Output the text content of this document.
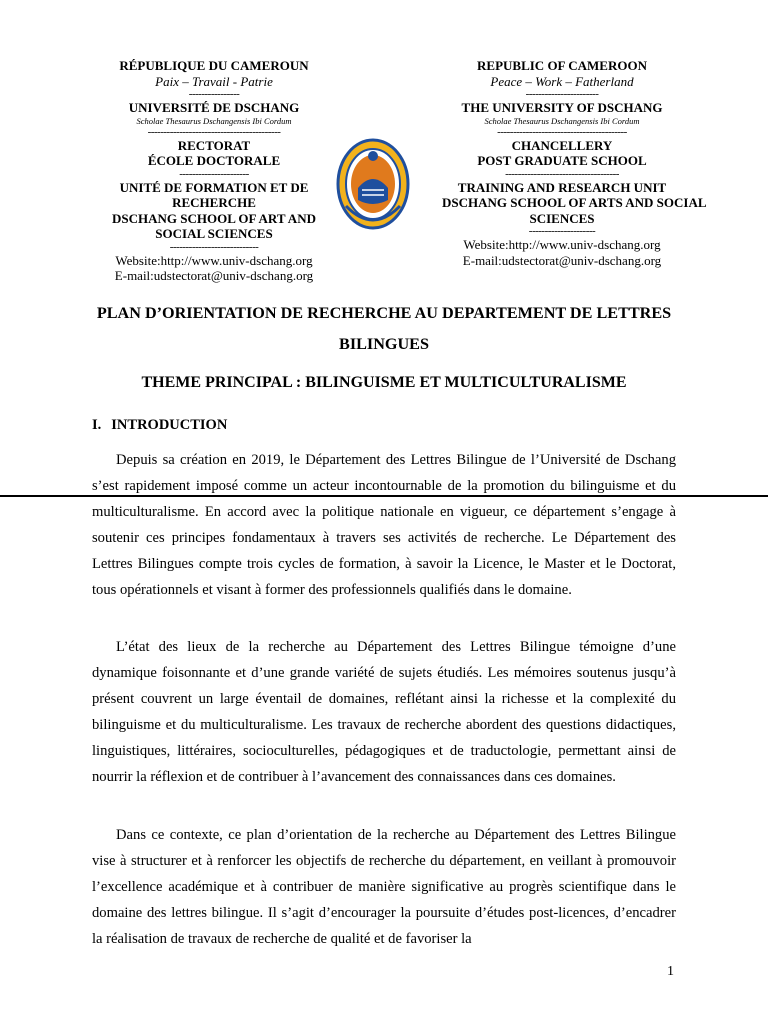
RÉPUBLIQUE DU CAMEROUN
Paix – Travail - Patrie
----------------
UNIVERSITÉ DE DSCHANG
Scholae Thesaurus Dschangensis Ibi Cordum
------------------------------------------
RECTORAT
ÉCOLE DOCTORALE
----------------------
UNITÉ DE FORMATION ET DE
RECHERCHE
DSCHANG SCHOOL OF ART AND
SOCIAL SCIENCES
----------------------------
Website:http://www.univ-dschang.org
E-mail:udstectorat@univ-dschang.org
REPUBLIC OF CAMEROON
Peace – Work – Fatherland
-----------------------
THE UNIVERSITY OF DSCHANG
Scholae Thesaurus Dschangensis Ibi Cordum
-----------------------------------------
CHANCELLERY
POST GRADUATE SCHOOL
------------------------------------
TRAINING AND RESEARCH UNIT
DSCHANG SCHOOL OF ARTS AND SOCIAL
SCIENCES
---------------------
Website:http://www.univ-dschang.org
E-mail:udstectorat@univ-dschang.org
PLAN D’ORIENTATION DE RECHERCHE AU DEPARTEMENT DE LETTRES BILINGUES
THEME PRINCIPAL : BILINGUISME ET MULTICULTURALISME
I. INTRODUCTION

Depuis sa création en 2019, le Département des Lettres Bilingue de l’Université de Dschang s’est rapidement imposé comme un acteur incontournable de la promotion du bilinguisme et du multiculturalisme. En accord avec la politique nationale en vigueur, ce département s’engage à soutenir ces principes fondamentaux à travers ses activités de recherche. Le Département des Lettres Bilingues compte trois cycles de formation, à savoir la Licence, le Master et le Doctorat, tous opérationnels et visant à former des professionnels qualifiés dans le domaine.

L’état des lieux de la recherche au Département des Lettres Bilingue témoigne d’une dynamique foisonnante et d’une grande variété de sujets étudiés. Les mémoires soutenus jusqu’à présent couvrent un large éventail de domaines, reflétant ainsi la richesse et la complexité du bilinguisme et du multiculturalisme. Les travaux de recherche abordent des questions didactiques, linguistiques, littéraires, socioculturelles, pédagogiques et de traductologie, permettant ainsi de nourrir la réflexion et de contribuer à l’avancement des connaissances dans ces domaines.

Dans ce contexte, ce plan d’orientation de la recherche au Département des Lettres Bilingue vise à structurer et à renforcer les objectifs de recherche du département, en veillant à promouvoir l’excellence académique et à contribuer de manière significative au progrès scientifique dans le domaine des lettres bilingue. Il s’agit d’encourager la poursuite d’études post-licences, d’encadrer la réalisation de travaux de recherche de qualité et de favoriser la

1
